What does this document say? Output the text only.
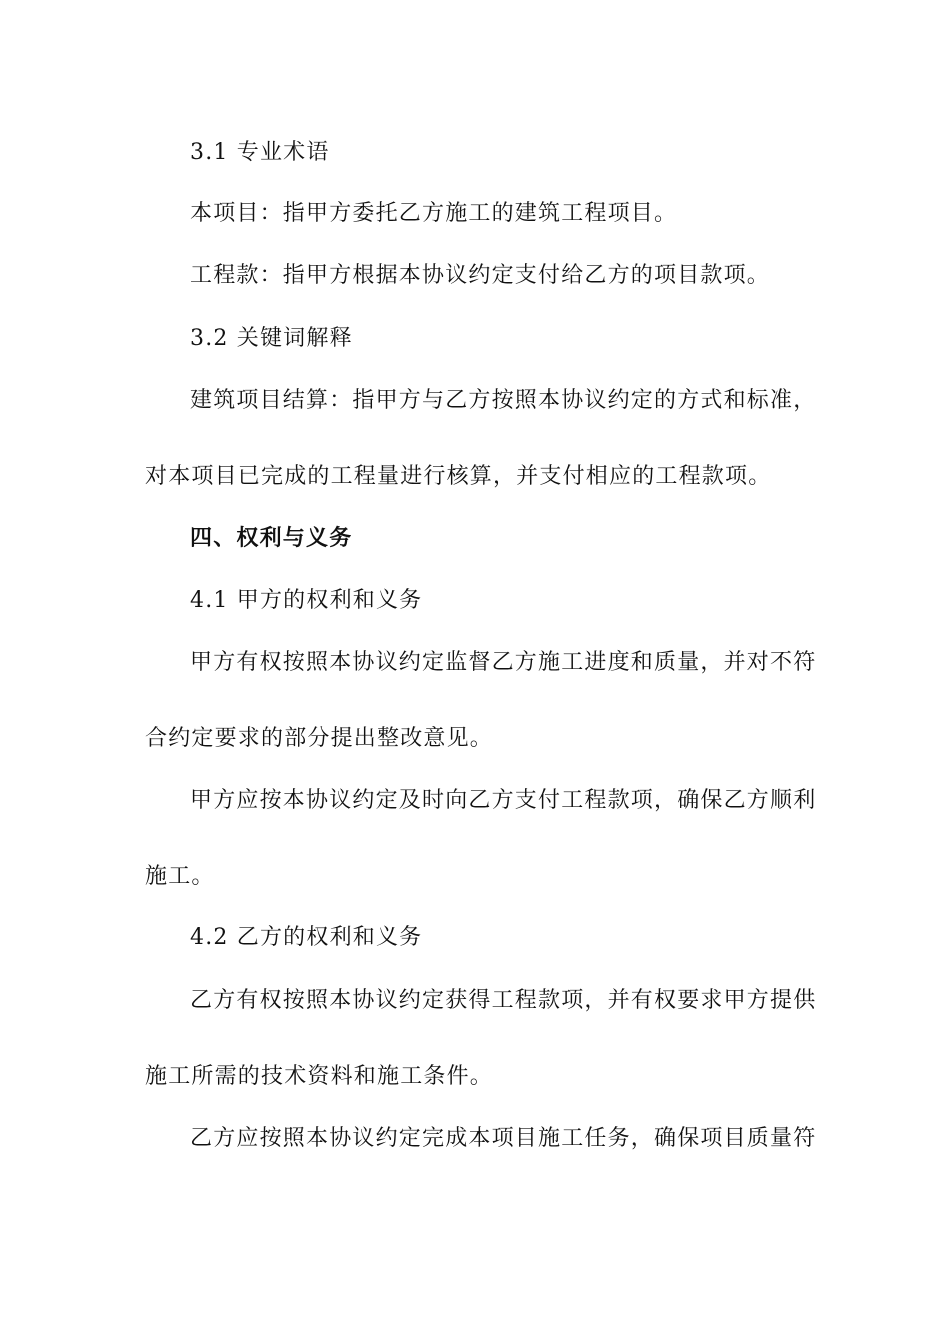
3.1 专业术语
本项目：指甲方委托乙方施工的建筑工程项目。
工程款：指甲方根据本协议约定支付给乙方的项目款项。
3.2 关键词解释
建筑项目结算：指甲方与乙方按照本协议约定的方式和标准，
对本项目已完成的工程量进行核算，并支付相应的工程款项。
四、权利与义务
4.1 甲方的权利和义务
甲方有权按照本协议约定监督乙方施工进度和质量，并对不符
合约定要求的部分提出整改意见。
甲方应按本协议约定及时向乙方支付工程款项，确保乙方顺利
施工。
4.2 乙方的权利和义务
乙方有权按照本协议约定获得工程款项，并有权要求甲方提供
施工所需的技术资料和施工条件。
乙方应按照本协议约定完成本项目施工任务，确保项目质量符
